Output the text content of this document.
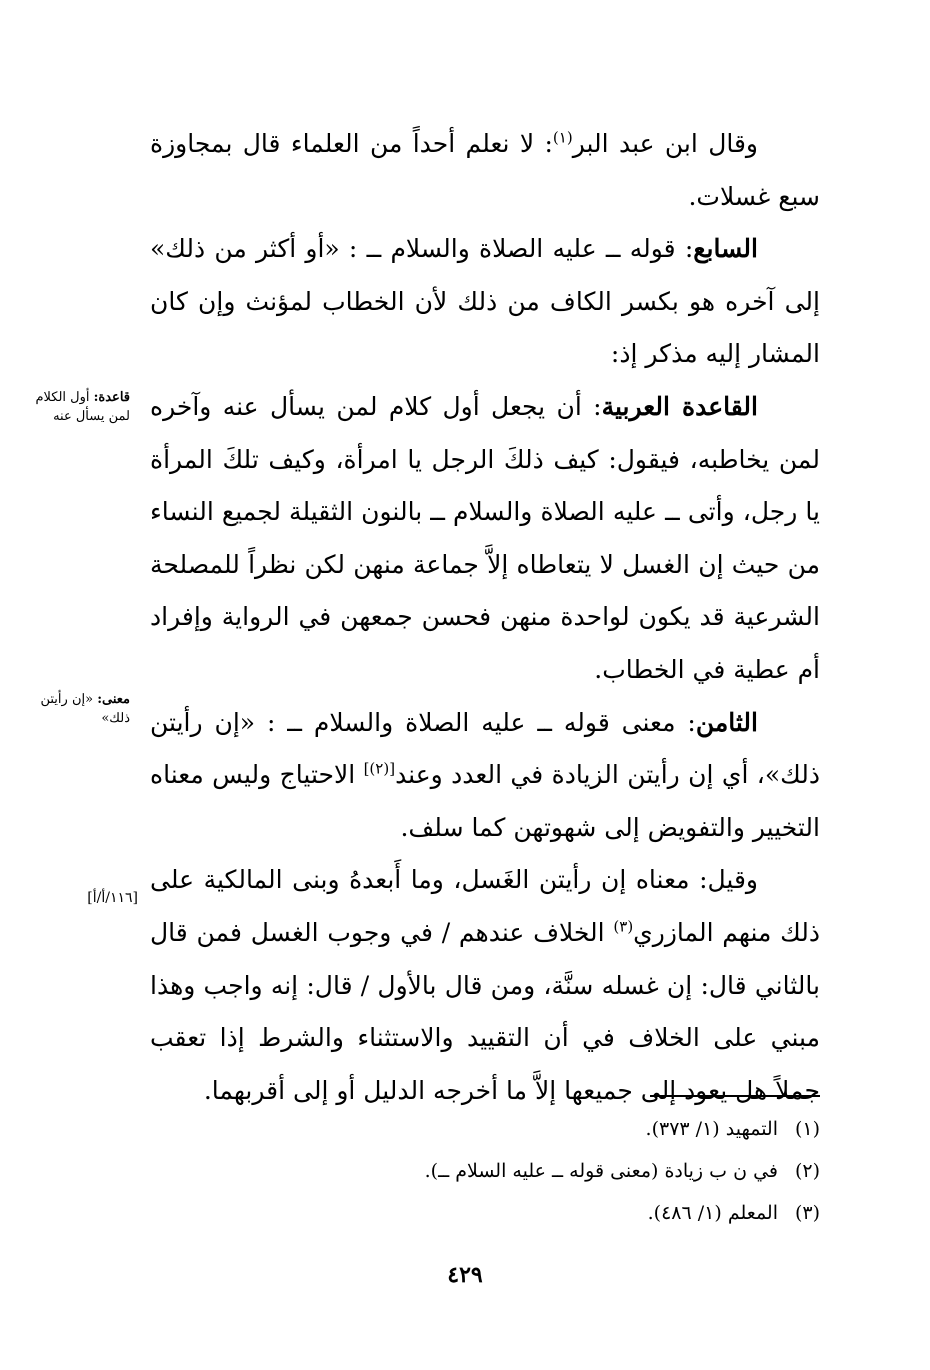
وقال ابن عبد البر$^{(١)}$: لا نعلم أحداً من العلماء قال بمجاوزة سبع غسلات.

السابع: قوله ــ عليه الصلاة والسلام ــ : «أو أكثر من ذلك» إلى آخره هو بكسر الكاف من ذلك لأن الخطاب لمؤنث وإن كان المشار إليه مذكر إذ:

القاعدة العربية: أن يجعل أول كلام لمن يسأل عنه وآخره لمن يخاطبه، فيقول: كيف ذلكَ الرجل يا امرأة، وكيف تلكَ المرأة يا رجل، وأتى ــ عليه الصلاة والسلام ــ بالنون الثقيلة لجميع النساء من حيث إن الغسل لا يتعاطاه إلاَّ جماعة منهن لكن نظراً للمصلحة الشرعية قد يكون لواحدة منهن فحسن جمعهن في الرواية وإفراد أم عطية في الخطاب.

الثامن: معنى قوله ــ عليه الصلاة والسلام ــ : «إن رأيتن ذلك»، أي إن رأيتن الزيادة في العدد وعند[(٢)] الاحتياج وليس معناه التخيير والتفويض إلى شهوتهن كما سلف.

وقيل: معناه إن رأيتن الغَسل، وما أَبعدهُ وبنى المالكية على ذلك منهم المازري$^{(٣)}$ الخلاف عندهم / في وجوب الغسل فمن قال بالثاني قال: إن غسله سنَّة، ومن قال بالأول / قال: إنه واجب وهذا مبني على الخلاف في أن التقييد والاستثناء والشرط إذا تعقب جملاً هل يعود إلى جميعها إلاَّ ما أخرجه الدليل أو إلى أقربهما.

قاعدة: أول الكلام لمن يسأل عنه
معنى: «إن رأيتن ذلك»
[١١٦/أ/أ]

(١)التمهيد (١/ ٣٧٣).

(٢)في ن ب زيادة (معنى قوله ــ عليه السلام ــ).

(٣)المعلم (١/ ٤٨٦).

٤٢٩
